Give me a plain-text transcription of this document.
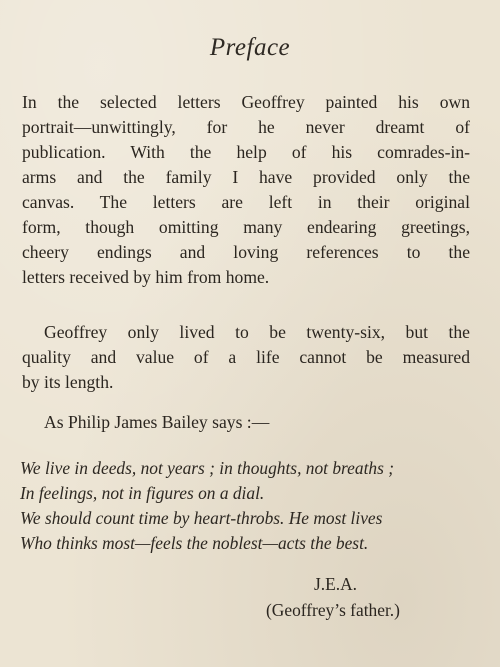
Preface
In the selected letters Geoffrey painted his own
portrait—unwittingly, for he never dreamt of
publication. With the help of his comrades-in-
arms and the family I have provided only the
canvas. The letters are left in their original
form, though omitting many endearing greetings,
cheery endings and loving references to the
letters received by him from home.
Geoffrey only lived to be twenty-six, but the
quality and value of a life cannot be measured
by its length.
As Philip James Bailey says :—
We live in deeds, not years ; in thoughts, not breaths ;
In feelings, not in figures on a dial.
We should count time by heart-throbs. He most lives
Who thinks most—feels the noblest—acts the best.
J.E.A.
(Geoffrey’s father.)
